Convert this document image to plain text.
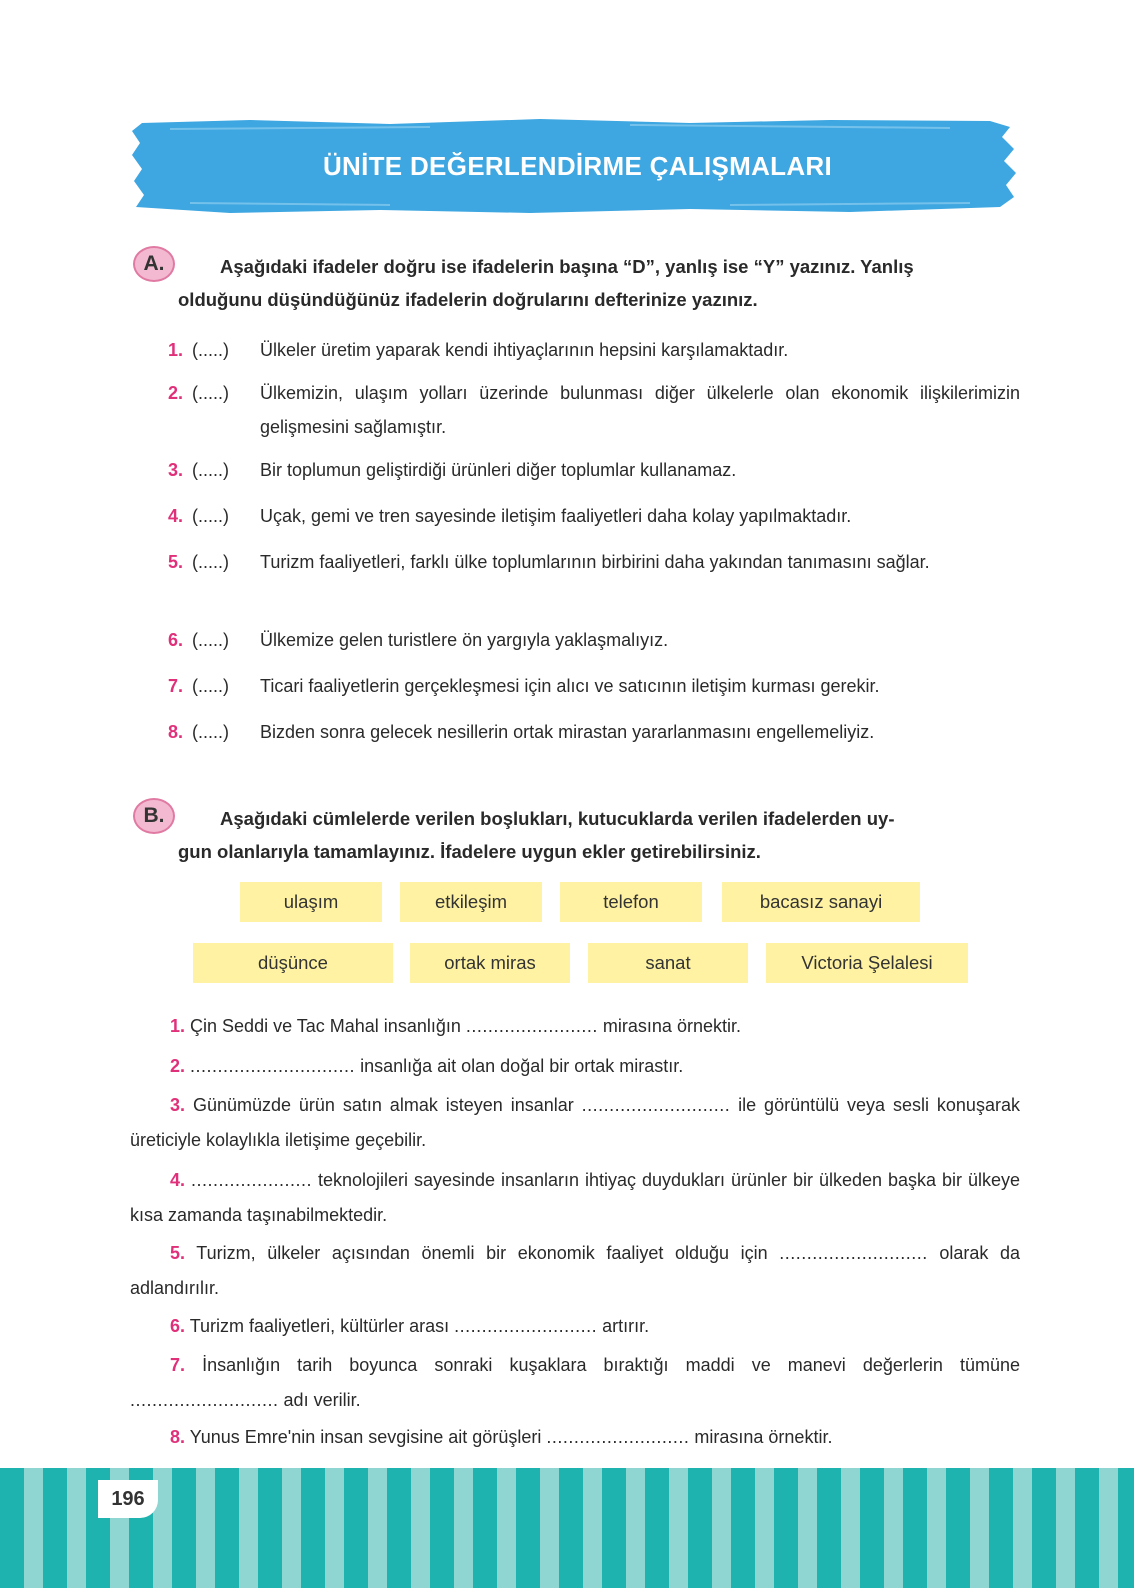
ÜNİTE DEĞERLENDİRME ÇALIŞMALARI
A.	Aşağıdaki ifadeler doğru ise ifadelerin başına “D”, yanlış ise “Y” yazınız. Yanlış
olduğunu düşündüğünüz ifadelerin doğrularını defterinize yazınız.
1. (.....) Ülkeler üretim yaparak kendi ihtiyaçlarının hepsini karşılamaktadır.
2. (.....) Ülkemizin, ulaşım yolları üzerinde bulunması diğer ülkelerle olan ekonomik ilişkilerimizin gelişmesini sağlamıştır.
3. (.....) Bir toplumun geliştirdiği ürünleri diğer toplumlar kullanamaz.
4. (.....) Uçak, gemi ve tren sayesinde iletişim faaliyetleri daha kolay yapılmaktadır.
5. (.....) Turizm faaliyetleri, farklı ülke toplumlarının birbirini daha yakından tanımasını sağlar.
6. (.....) Ülkemize gelen turistlere ön yargıyla yaklaşmalıyız.
7. (.....) Ticari faaliyetlerin gerçekleşmesi için alıcı ve satıcının iletişim kurması gerekir.
8. (.....) Bizden sonra gelecek nesillerin ortak mirastan yararlanmasını engellemeliyiz.
B.	Aşağıdaki cümlelerde verilen boşlukları, kutucuklarda verilen ifadelerden uy-
gun olanlarıyla tamamlayınız. İfadelere uygun ekler getirebilirsiniz.
ulaşım	etkileşim	telefon	bacasız sanayi
düşünce	ortak miras	sanat	Victoria Şelalesi
1. Çin Seddi ve Tac Mahal insanlığın ........................ mirasına örnektir.
2. .............................. insanlığa ait olan doğal bir ortak mirastır.
3. Günümüzde ürün satın almak isteyen insanlar ........................... ile görüntülü veya sesli konuşarak üreticiyle kolaylıkla iletişime geçebilir.
4. ...................... teknolojileri sayesinde insanların ihtiyaç duydukları ürünler bir ülkeden başka bir ülkeye kısa zamanda taşınabilmektedir.
5. Turizm, ülkeler açısından önemli bir ekonomik faaliyet olduğu için ........................... olarak da adlandırılır.
6. Turizm faaliyetleri, kültürler arası .......................... artırır.
7. İnsanlığın tarih boyunca sonraki kuşaklara bıraktığı maddi ve manevi değerlerin tümüne ........................... adı verilir.
8. Yunus Emre'nin insan sevgisine ait görüşleri .......................... mirasına örnektir.
196
